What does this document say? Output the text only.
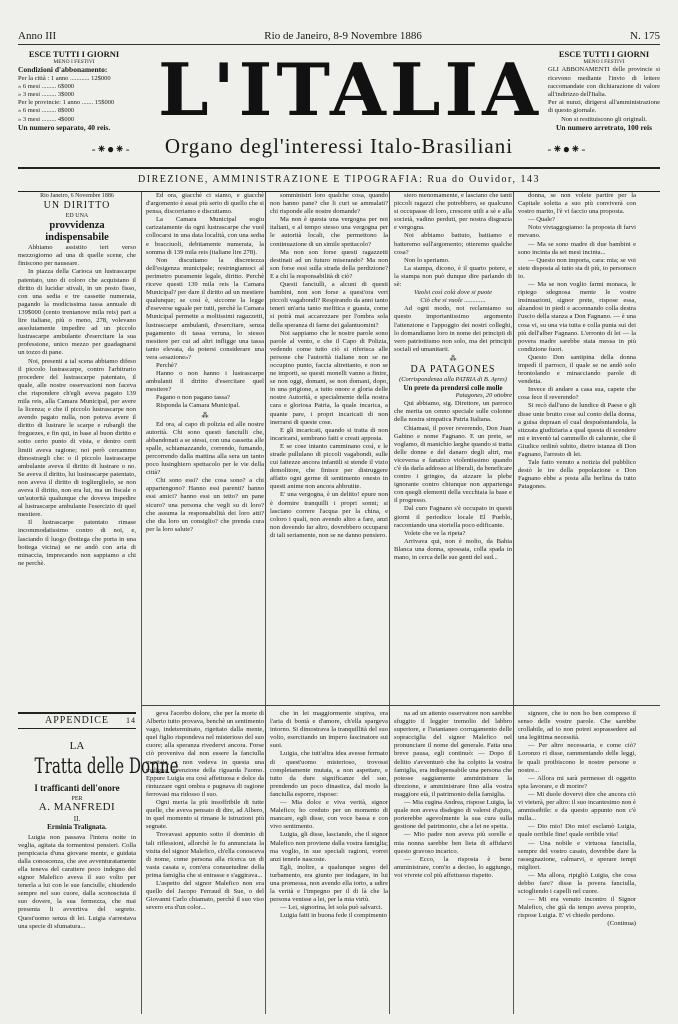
Anno III	Rio de Janeiro, 8-9 Novembre 1886	N. 175
ESCE TUTTI I GIORNI
MENO I FESTIVI
Condizioni d'abbonamento:
Per la città : 1 anno ............ 12$000
» 6 mesi ......... 6$000
» 3 mesi ......... 3$000
Per le provincie: 1 anno ....... 15$000
» 6 mesi ......... 8$000
» 3 mesi ......... 4$000
Un numero separato, 40 reis. L'ITALIA	ESCE TUTTI I GIORNI
MENO I FESTIVI
GLI ABBONAMENTI delle provincie si ricevono mediante l'invio di lettere raccomandate con dichiarazione di valore all'indirizzo dell'Italia.
Per ai nunzi, dirigersi all'amministrazione di questo giornale.
Non si restituiscono gli originali.
Un numero arretrato, 100 reis
-⁕⦁⁕- Organo degl'interessi Italo-Brasiliani	-⁕⦁⁕-
DIREZIONE, AMMINISTRAZIONE E TIPOGRAFIA: Rua do Ouvidor, 143
Rio Janeiro, 6 Novembre 1886
UN DIRITTO
ED UNA
provvidenza indispensabile

Abbiamo assistito ieri verso mezzogiorno ad una di quelle scene, che finiscono per nauseare.

In piazza della Carioca un lustrascarpe patentato, uno di coloro che acquistano il diritto di lucidar stivali, in un posto fisso, con una sedia e tre cassette numerata, pagando la modicissima tassa annuale di 139$000 (cento trentanove mila reis) pari a lire italiane, più o meno, 278, volevano assolutamente impedire ad un piccolo lustrascarpe ambulante d'esercitare la sua professione, unico mezzo per guadagnarsi un tozzo di pane.

Noi, presenti a tal scena abbiamo difeso il piccolo lustrascarpe, contro l'arbitrario procedere del lustrascarpe patentato, il quale, alle nostre osservazioni non faceva che rispondere ch'egli aveva pagato 139 mila reis, alla Camara Municipal, per avere la licenza; e che il piccolo lustrascarpe non avendo pagato nulla, non poteva avere il diritto di lustrare le scarpe e rubargli the freguezes, e fin qui, in base al buon diritto e sotto certo punto di vista, e dentro certi limiti aveva ragione; noi però cercammo dimostrargli che: o il piccolo lustrascarpe ambulante aveva il diritto di lustrare o no. Se aveva il diritto, lui lustrascarpe patentato, non aveva il diritto di toglierglielo, se non aveva il diritto, non era lui, ma un fiscale o un'autorità qualunque che doveva impedire al lustrascarpe ambulante l'esercizio di quel mestiere.

Il lustrascarpe patentato rimase incommodatissimo contro di noi, e, lasciando il luogo (bottega che porta in una bottega vicina) se ne andò con aria di minaccia, imprecando non sappiamo a chi ne perchè.

APPENDICE 14
LA
Tratta delle Donne
I trafficanti dell'onore
PER
A. MANFREDI
II.
Erminia Tralignata.

Luigia non passava l'intera notte in veglia, agitata da tormentosi pensieri. Colla perspicacia d'una giovane mente, e guidata dalla conoscenza, che ave avventuratamente ella teneva del carattere poco indegno del signor Malefico aveva il suo volto per tenerla a lui con le sue fanciulle, chiudendo sempre nel suo cuore, dalla sconosciuta il suo dovere, la sua fermezza, che mai presenta li avvertiva del segreto. Quest'uomo senza di lei. Luigia s'arrestava una specie di sfumatura...

Ed ora, giacchè ci siamo, e giacchè d'argomento è assai più serio di quello che si pensa, discorriamo e discutiamo.

La Camara Municipal eogiu carizatamente da ogni lustrascarpe che vuol collocarsi in una data località, con una sedia e bracciuoli, debitamente numerata, la somma di 139 mila reis (italiane lire 278).

Non discutiamo la discretezza dell'esigenza municipale; restringiamoci al perimetro puramente legale, diritto. Perchè riceve questi 139 mila reis la Camara Municipal? per dare il diritto ad un mestiere qualunque; se così è, siccome la legge d'eseverse uguale per tutti, perchè la Camara Municipal permette a moltissimi ragazzetti, lustrascarpe ambulanti, d'esercitare, senza pagamento di tassa veruna, lo stesso mestiere per cui ad altri infligge una tassa tanto elevata, da potersi considerare una vera «esazione»?

Perchè?

Hanno o non hanno i lustrascarpe ambulanti il diritto d'esercitare quel mestiere?

Pagano o non pagano tassa?

Risponda la Camara Municipal.

⁂

Ed ora, al capo di polizia ed alle nostre autorità. Chi sono questi fanciulli che, abbandonati a se stessi, con una cassetta alle spalle, schiamazzando, correndo, fumando, percorrendo dalla mattina alla sera un tanto poco lusinghiero spettacolo per le vie della città?

Chi sono essi? che cosa sono? a chi appartengono? Hanno essi parenti? hanno essi amici? hanno essi un tetto? un pane sicuro? una persona che vegli su di loro? che assuma la responsabilità dei loro atti? che dia loro un consiglio? che prenda cura per la loro salute?

somministri loro qualche cosa, quando non hanno pane? che li curi se ammalati? chi risponde alle nostre domande?

Ma non è questa una vergogna per noi italiani, e al tempo stesso una vergogna per le autorità locali, che permettono la continuazione di un simile spettacolo?

Ma non son forse questi ragazzetti destinati ad un futuro miserando? Ma non son forse essi sulla strada della perdizione? E a chi la responsabilità di ciò?

Questi fanciulli, a alcuni di questi bambini, non son forse a quest'ora veri piccoli vagabondi? Respirando da anni tanto teneri un'aria tanto mefitica e guasta, come si potrà mai accarezzare per l'ombra sola della speranza di farne dei galantuomini?

Noi sappiamo che le nostre parole sono parole al vento, e che il Capo di Polizia, vedendo come tutto ciò si riferisca alle persone che l'autorità italiane non se ne occupino punto, faccia altrettanto, e non se ne importi, se questi monelli vanno a finire, se non oggi, domani, se non domani, dopo, in una prigione, a tutto onore e gloria delle nostre Autorità, e specialmente della nostra cara e gloriosa Patria, la quale incarica, a quante pare, i propri incaricati di non inerrarsi di queste cose.

E gli incaricati, quando si tratta di non incaricarsi, sembrano fatti e creati apposta.

E se cose intanto camminano così, e le strade pullulano di piccoli vagabondi, sulle cui fattezze ancora infantili si stende il vizio demolitore, che finisce per distruggere affatto ogni germe di sentimento onesto in questi anime non ancora abbrutite.

E' una vergogna, è un delitto! epure non è dormire tranquilli i propri sonni; si lasciano correre l'acqua per la china, e coloro i quali, non avendo altro a fare, anzi non dovendo far altro, dovrebbero occuparsi di tali seriamente, non se ne danno pensiero.

siero menomamente, e lasciano che tanti piccoli ragazzi che potrebbero, se qualcuno si occupasse di loro, crescere utili a sè e alla società, vadino perduti, per nostra disgrazia e vergogna.

Noi abbiamo battuto, battiamo e batteremo sull'argomento; otteremo qualche cosa?

Non lo speriamo.

La stampa, dicono, è il quarto potere, e la stampa non può dunque dire parlando di sè:

Vuolsi così colà dove si puote
Ciò che si vuole .............

Ad ogni modo, noi reclamiamo su questo importantissimo argomento l'attenzione e l'appoggio dei nostri colleghi, lo domandiamo loro in nome dei principii di vero patriottismo non solo, ma dei principii sociali ed umanitarii.

⁂
DA PATAGONES
(Corrispondenza alla PATRIA di B. Ayres)
Un prete da prendersi colle molle
Patagones, 20 ottobre

Qui abbiamo, sig. Direttore, un parroco che merita un cenno speciale sulle colonne della nostra simpatica Patria Italiana.

Chiamasi, il pover reverendo, Don Juan Gabino e nome Fagnano. E un prete, se voglamo, di manichio larghe quando si tratta delle donne e del danaro degli altri, ma viceversa e fanatico violentissimo quando c'è da darla addosso ai liberali, da beneficare contro i gringos, da aizzare la plebe ignorante contro chiunque non appartenga con quegli elementi della vecchiaia la base e il progresso.

Dal curo Fagnano s'è occupato in questi giorni il periodico locale El Pueblo, raccontando una storiella poco edificante.

Volete che ve la ripeta?

Arrivava qui, non è molto, da Bahia Blanca una donna, spossata, colla spada in mano, in cerca delle sue genti del sud...

donna, se non volete partire per la Capitale soletta a suo più conviverà con vostro marito, l'è vi faccio una proposta.

— Quale?

Noto vivtaggogiamo: la proposta di farvi mevano.

— Ma se sono madre di due bambini e sono incinta da sei mesi incinta...

— Questo non importa, cara: mia; se voi siete disposta al tutto sia di più, io personsco io.

— Ma se non voglio farmi monaca, le ripiego sdegnosa mente le vostre insinuazioni, signor prete, rispose essa, alzandosi in piedi e accennando colla destra l'uscio della stanza a Don Fagnano. — è una cosa vi, su una via tutta e colla punta sui dei più dell'alber Fagnano. L'erronto di lei — la povera madre sarebbe stata messa in più condizione fuori.

Questo Don santipina della donna impedì il parroco, il quale se ne andò solo brontolando e minacciando parole di vendetta.

Invece di andare a casa sua, capete che cosa fece il reverendo?

Si recò dall'uno de lundice di Paese e gli disse unte brutto cose sul conto della donna, a guisa dopraan el cual despuésntandola, la stizzata giudiziaria a qual questa di scendere mi e inventò tal cammello di calunnie, che il Giudice ordinò subito, dietro istanza di Don Fagnano, l'arresto di lei.

Tale fatto venuto a notizia del pubblico destò le ire della popolazione e Don Fagnano ebbe a posta alla berlina da tutto Patagones.

geva l'acerbo dolore, che per la morte di Alberto tutto provava, benchè un sentimento vago, indeterminato, rigettato dalla mente, quel figlio rispondeva nel misterioso del suo cuore; alla speranza rivedervi ancora. Forse ciò proveniva dal non essere la fanciulla maritata, e non vedeva in questa una maligna invenzione della riguarda l'uomo. Eppure Luigia era così affettuosa e dolce da rintuzzare ogni ombra e pugnava di ragione ferrovasi ma ridosso il suo.

Ogni meria la più insoffribile di tutte quelle, che aveva pensato di dire, ad Albero, in quel momento si rimane le istruzioni più segnate.

Trovavasi appunto sotto il dominio di tali riflessioni, allorchè le fu annunciata la visita del signor Malefico, ch'ella conosceva di nome, come persona alla ricerca un di vasta casata e, com'era consuetudine della prima famiglia che si entrasse e s'aggirava...

L'aspetto del signor Malefico non era quello del Jacopo Ferraud di Sue, o del Giovanni Carlo chiamato, perchè il suo viso severo era d'un color...

che in lei maggiormente stupiva, era l'aria di bontà e d'amore, ch'ella spargeva intorno. Si dimostrava la tranquillità del suo volto, esercitando un impero fascinatore sui suoi.

Luigia, che tutt'altra idea avesse fermato di quest'uomo misterioso, trovossi completamente mutata, a non aspettare, e tutto da dure significanze del suo, prendendo un poco dinastica, dal modo la fanciulla esporre, rispose:

— Mia dolce e viva verità, signor Malefico; ho creduto per un momento di mancare, egli disse, con voce bassa e con vivo sentimento.

Luigia, gli disse, lasciando, che il signor Malefico non proviene dalla vostra famiglia; ma voglio, in sue speciali ragioni, vorrei anzi tenerle nascoste.

Egli, inoltre, a qualunque segno del turbamento, era giunto per indagare, in lui una promessa, non avendo ella torto, a udire la verità e l'impegno per il di là che la persona venisse a lei, per la mia virtù.

— Lei, signorina, lei sola può salvarci.

Luigia fatti in buona fede il compimento

na ad un attento osservatore non sarebbe sfuggito il leggier tremolio del labbro superiore, e l'istantaneo corrugamento delle sopracciglia del signor Malefico nel pronunciare il nome del generale. Fatta una breve pausa, egli continuò: — Dopo il delitto s'avventurò che ha colpito la vostra famiglia, era indispensabile una persona che potesse saggiamente amministrare la direzione, e amministrare fino alla vostra maggiore età, il patrimonio della famiglia.

— Mia cugina Andrea, rispose Luigia, la quale non aveva disdegno di valersi d'ajuto, porterebbe agevolmente la sua cura sulla gestione del patrimonio, che a lei ne spetta.

— Mio padre non aveva più sorelle e mia nonna sarebbe ben lieta di affidarvi questo gravoso incarico.

— Ecco, la risposta è bene amministrare, com'io a deciso, lo aggiungo, voi vivrete col più affettuoso rispetto.

signore, che io non ho ben compreso il senso delle vostre parole. Che sarebbe crollabile, ad io non potrei soprassedere ad una legittima necessità.

— Per altro necessaria, e come ciò? Loronzo ri disse, rammentando delle leggi, le quali proibiscono le nostre persone e nostre...

— Allora mi sarà permesso di oggetto spia lavorare, e di morire?

— Mi duole dovervi dire che ancora ciò vi vieterà, per altro: il suo incantesimo non è ammissibile: e da questo appunto non c'è nulla...

— Dio mio! Dio mio! esclamò Luigia, quale orribile fine! quale orribile vita!

— Una nobile e virtuosa fanciulla, sempre del vostro casato, dovrebbe dare la rassegnazione, calmarvi, e sperare tempi migliori.

— Ma allora, ripigliò Luigia, che cosa debbo fare? disse la povera fanciulla, sciogliendo i capelli nel cuore.

— Mi era venuto incontro il Signor Malefico, che già da tempo aveva proprio, rispose Luigia. E' vi chiedo perdono.

(Continua)
